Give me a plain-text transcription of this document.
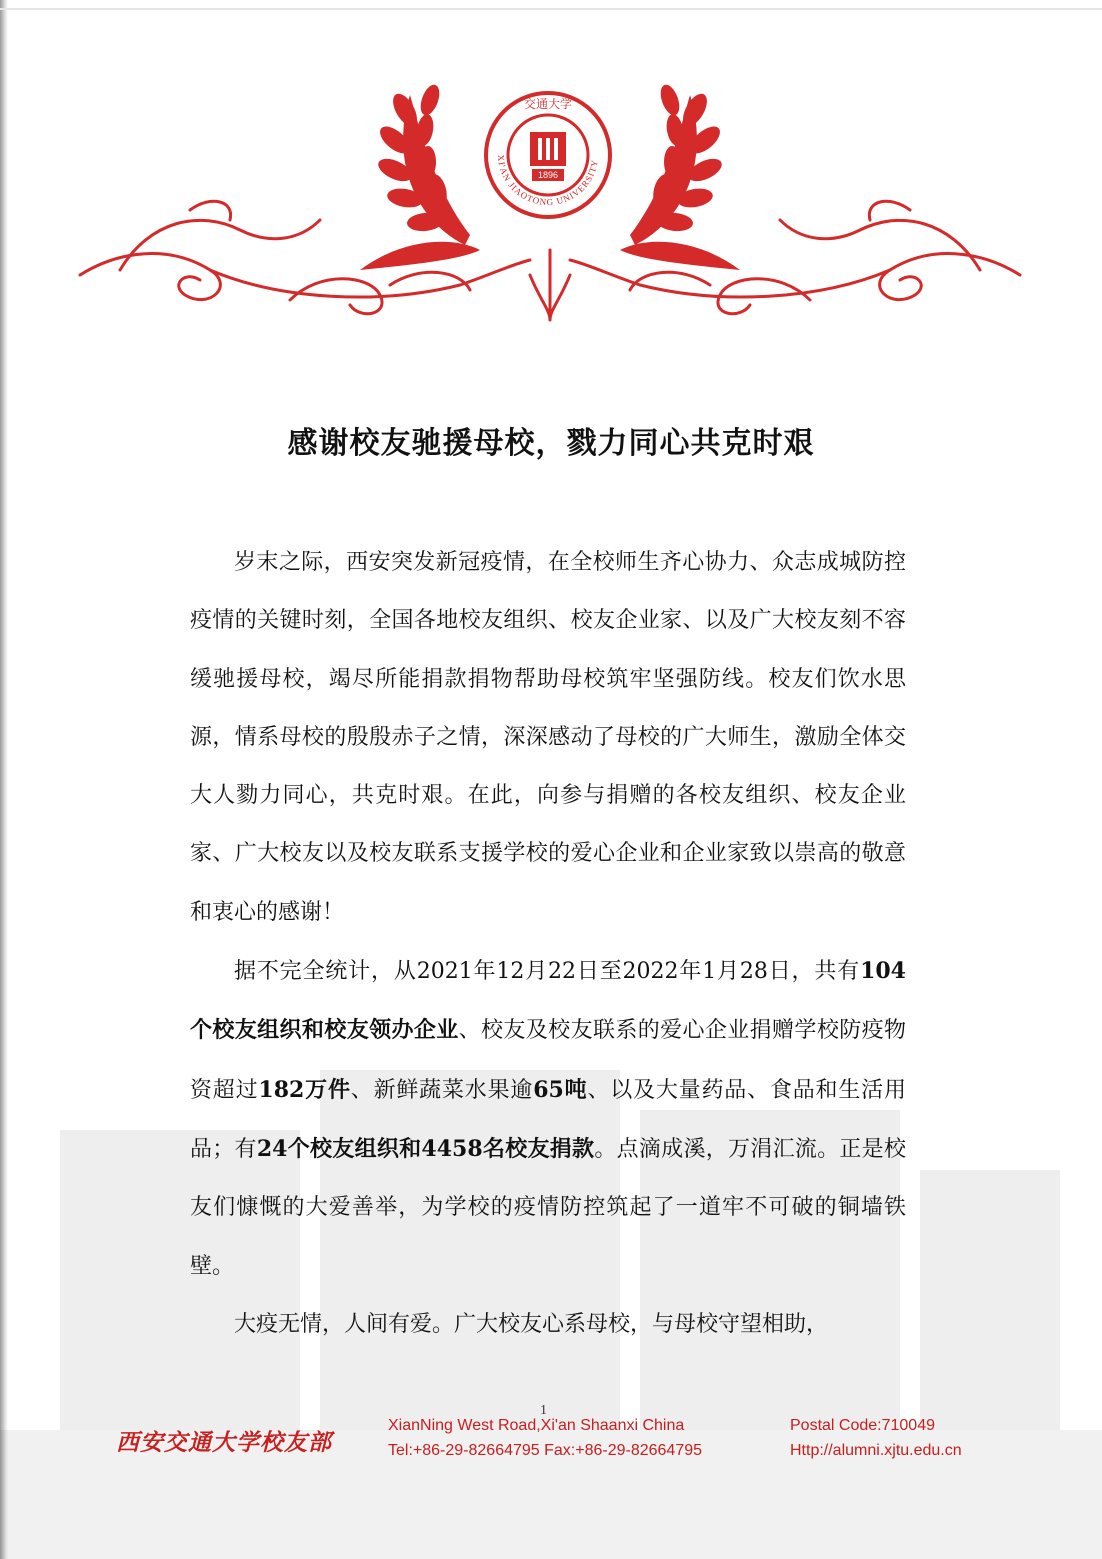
1896
交通大学
XI'AN JIAOTONG UNIVERSITY
感谢校友驰援母校，戮力同心共克时艰

岁末之际，西安突发新冠疫情，在全校师生齐心协力、众志成城防控疫情的关键时刻，全国各地校友组织、校友企业家、以及广大校友刻不容缓驰援母校，竭尽所能捐款捐物帮助母校筑牢坚强防线。校友们饮水思源，情系母校的殷殷赤子之情，深深感动了母校的广大师生，激励全体交大人勠力同心，共克时艰。在此，向参与捐赠的各校友组织、校友企业家、广大校友以及校友联系支援学校的爱心企业和企业家致以崇高的敬意和衷心的感谢！

据不完全统计，从2021年12月22日至2022年1月28日，共有104个校友组织和校友领办企业、校友及校友联系的爱心企业捐赠学校防疫物资超过182万件、新鲜蔬菜水果逾65吨、以及大量药品、食品和生活用品；有24个校友组织和4458名校友捐款。点滴成溪，万涓汇流。正是校友们慷慨的大爱善举，为学校的疫情防控筑起了一道牢不可破的铜墙铁壁。

大疫无情，人间有爱。广大校友心系母校，与母校守望相助，

1
西安交通大学校友部
XianNing West Road,Xi'an Shaanxi China
Tel:+86-29-82664795 Fax:+86-29-82664795
Postal Code:710049
Http://alumni.xjtu.edu.cn
